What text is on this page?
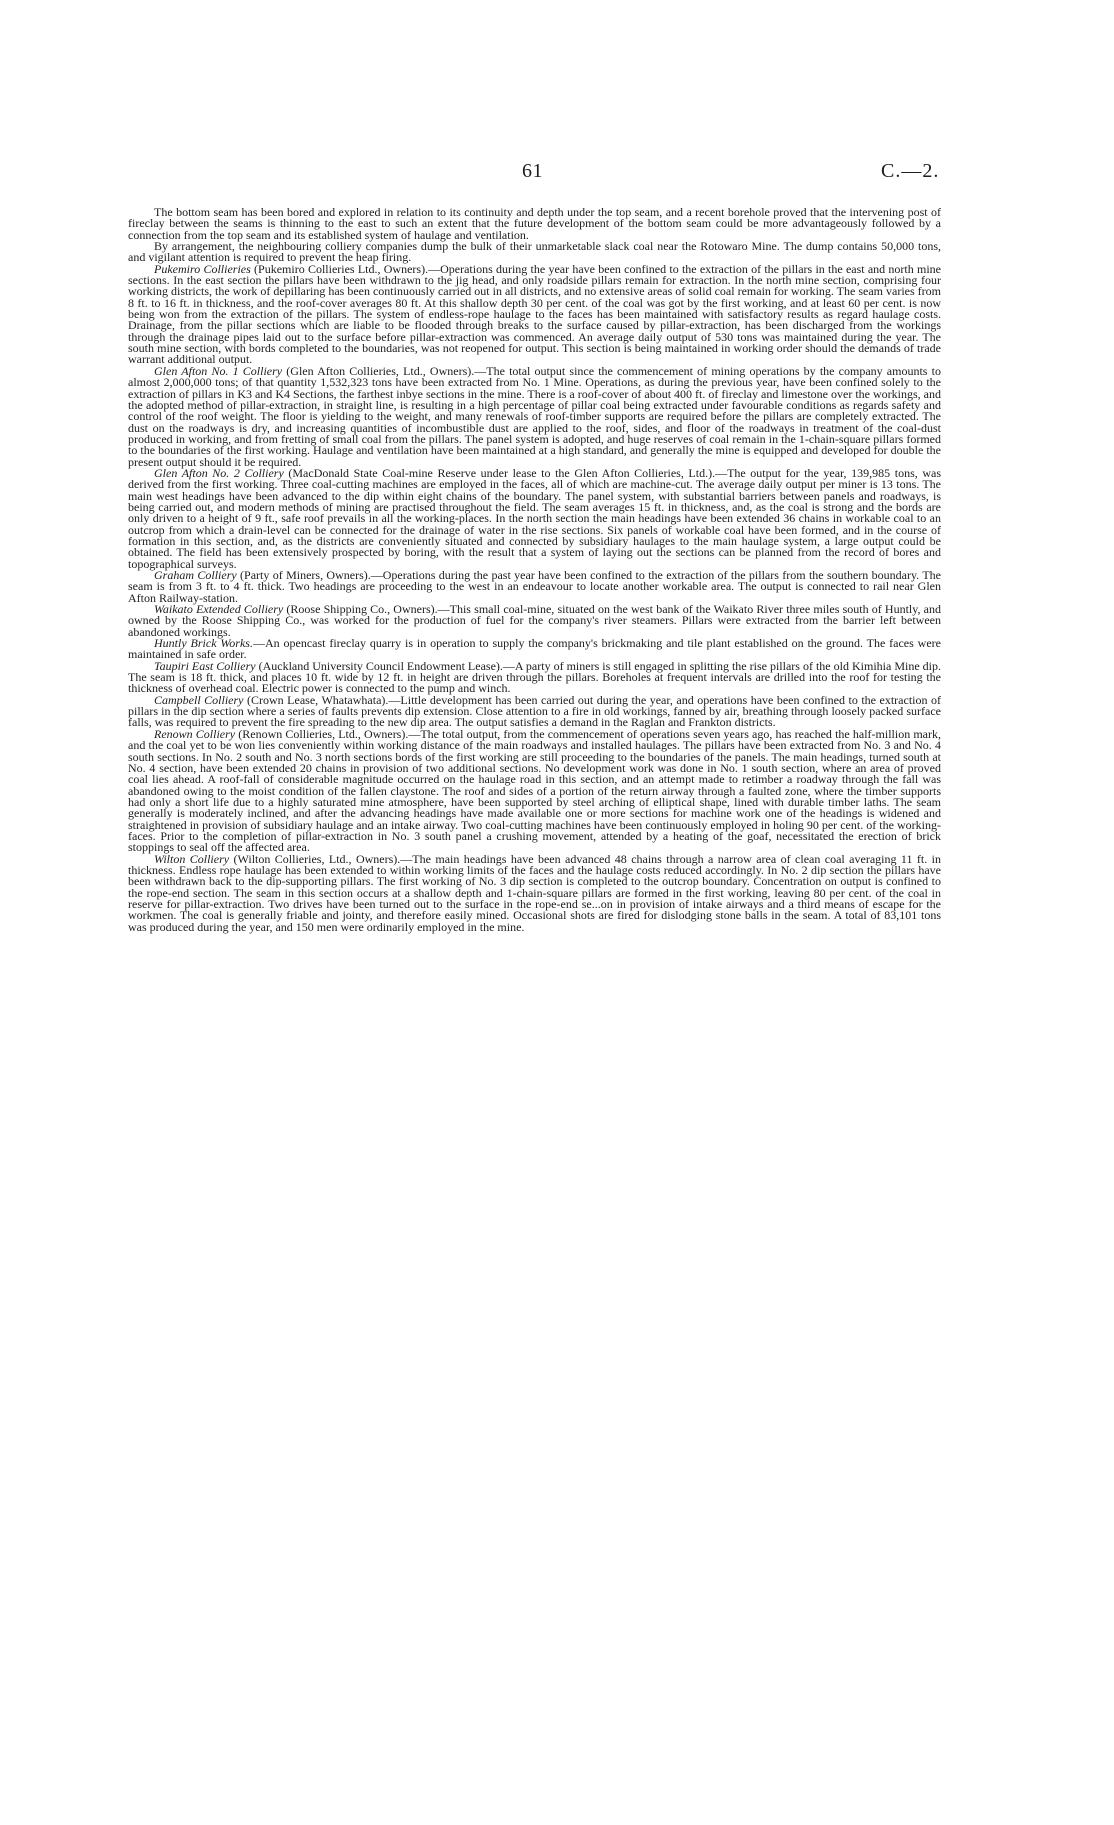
61	C.—2.

The bottom seam has been bored and explored in relation to its continuity and depth under the top seam, and a recent borehole proved that the intervening post of fireclay between the seams is thinning to the east to such an extent that the future development of the bottom seam could be more advantageously followed by a connection from the top seam and its established system of haulage and ventilation.

By arrangement, the neighbouring colliery companies dump the bulk of their unmarketable slack coal near the Rotowaro Mine. The dump contains 50,000 tons, and vigilant attention is required to prevent the heap firing.

Pukemiro Collieries (Pukemiro Collieries Ltd., Owners).—Operations during the year have been confined to the extraction of the pillars in the east and north mine sections. In the east section the pillars have been withdrawn to the jig head, and only roadside pillars remain for extraction. In the north mine section, comprising four working districts, the work of depillaring has been continuously carried out in all districts, and no extensive areas of solid coal remain for working. The seam varies from 8 ft. to 16 ft. in thickness, and the roof-cover averages 80 ft. At this shallow depth 30 per cent. of the coal was got by the first working, and at least 60 per cent. is now being won from the extraction of the pillars. The system of endless-rope haulage to the faces has been maintained with satisfactory results as regard haulage costs. Drainage, from the pillar sections which are liable to be flooded through breaks to the surface caused by pillar-extraction, has been discharged from the workings through the drainage pipes laid out to the surface before pillar-extraction was commenced. An average daily output of 530 tons was maintained during the year. The south mine section, with bords completed to the boundaries, was not reopened for output. This section is being maintained in working order should the demands of trade warrant additional output.

Glen Afton No. 1 Colliery (Glen Afton Collieries, Ltd., Owners).—The total output since the commencement of mining operations by the company amounts to almost 2,000,000 tons; of that quantity 1,532,323 tons have been extracted from No. 1 Mine. Operations, as during the previous year, have been confined solely to the extraction of pillars in K3 and K4 Sections, the farthest inbye sections in the mine. There is a roof-cover of about 400 ft. of fireclay and limestone over the workings, and the adopted method of pillar-extraction, in straight line, is resulting in a high percentage of pillar coal being extracted under favourable conditions as regards safety and control of the roof weight. The floor is yielding to the weight, and many renewals of roof-timber supports are required before the pillars are completely extracted. The dust on the roadways is dry, and increasing quantities of incombustible dust are applied to the roof, sides, and floor of the roadways in treatment of the coal-dust produced in working, and from fretting of small coal from the pillars. The panel system is adopted, and huge reserves of coal remain in the 1-chain-square pillars formed to the boundaries of the first working. Haulage and ventilation have been maintained at a high standard, and generally the mine is equipped and developed for double the present output should it be required.

Glen Afton No. 2 Colliery (MacDonald State Coal-mine Reserve under lease to the Glen Afton Collieries, Ltd.).—The output for the year, 139,985 tons, was derived from the first working. Three coal-cutting machines are employed in the faces, all of which are machine-cut. The average daily output per miner is 13 tons. The main west headings have been advanced to the dip within eight chains of the boundary. The panel system, with substantial barriers between panels and roadways, is being carried out, and modern methods of mining are practised throughout the field. The seam averages 15 ft. in thickness, and, as the coal is strong and the bords are only driven to a height of 9 ft., safe roof prevails in all the working-places. In the north section the main headings have been extended 36 chains in workable coal to an outcrop from which a drain-level can be connected for the drainage of water in the rise sections. Six panels of workable coal have been formed, and in the course of formation in this section, and, as the districts are conveniently situated and connected by subsidiary haulages to the main haulage system, a large output could be obtained. The field has been extensively prospected by boring, with the result that a system of laying out the sections can be planned from the record of bores and topographical surveys.

Graham Colliery (Party of Miners, Owners).—Operations during the past year have been confined to the extraction of the pillars from the southern boundary. The seam is from 3 ft. to 4 ft. thick. Two headings are proceeding to the west in an endeavour to locate another workable area. The output is connected to rail near Glen Afton Railway-station.

Waikato Extended Colliery (Roose Shipping Co., Owners).—This small coal-mine, situated on the west bank of the Waikato River three miles south of Huntly, and owned by the Roose Shipping Co., was worked for the production of fuel for the company's river steamers. Pillars were extracted from the barrier left between abandoned workings.

Huntly Brick Works.—An opencast fireclay quarry is in operation to supply the company's brickmaking and tile plant established on the ground. The faces were maintained in safe order.

Taupiri East Colliery (Auckland University Council Endowment Lease).—A party of miners is still engaged in splitting the rise pillars of the old Kimihia Mine dip. The seam is 18 ft. thick, and places 10 ft. wide by 12 ft. in height are driven through the pillars. Boreholes at frequent intervals are drilled into the roof for testing the thickness of overhead coal. Electric power is connected to the pump and winch.

Campbell Colliery (Crown Lease, Whatawhata).—Little development has been carried out during the year, and operations have been confined to the extraction of pillars in the dip section where a series of faults prevents dip extension. Close attention to a fire in old workings, fanned by air, breathing through loosely packed surface falls, was required to prevent the fire spreading to the new dip area. The output satisfies a demand in the Raglan and Frankton districts.

Renown Colliery (Renown Collieries, Ltd., Owners).—The total output, from the commencement of operations seven years ago, has reached the half-million mark, and the coal yet to be won lies conveniently within working distance of the main roadways and installed haulages. The pillars have been extracted from No. 3 and No. 4 south sections. In No. 2 south and No. 3 north sections bords of the first working are still proceeding to the boundaries of the panels. The main headings, turned south at No. 4 section, have been extended 20 chains in provision of two additional sections. No development work was done in No. 1 south section, where an area of proved coal lies ahead. A roof-fall of considerable magnitude occurred on the haulage road in this section, and an attempt made to retimber a roadway through the fall was abandoned owing to the moist condition of the fallen claystone. The roof and sides of a portion of the return airway through a faulted zone, where the timber supports had only a short life due to a highly saturated mine atmosphere, have been supported by steel arching of elliptical shape, lined with durable timber laths. The seam generally is moderately inclined, and after the advancing headings have made available one or more sections for machine work one of the headings is widened and straightened in provision of subsidiary haulage and an intake airway. Two coal-cutting machines have been continuously employed in holing 90 per cent. of the working-faces. Prior to the completion of pillar-extraction in No. 3 south panel a crushing movement, attended by a heating of the goaf, necessitated the erection of brick stoppings to seal off the affected area.

Wilton Colliery (Wilton Collieries, Ltd., Owners).—The main headings have been advanced 48 chains through a narrow area of clean coal averaging 11 ft. in thickness. Endless rope haulage has been extended to within working limits of the faces and the haulage costs reduced accordingly. In No. 2 dip section the pillars have been withdrawn back to the dip-supporting pillars. The first working of No. 3 dip section is completed to the outcrop boundary. Concentration on output is confined to the rope-end section. The seam in this section occurs at a shallow depth and 1-chain-square pillars are formed in the first working, leaving 80 per cent. of the coal in reserve for pillar-extraction. Two drives have been turned out to the surface in the rope-end se...on in provision of intake airways and a third means of escape for the workmen. The coal is generally friable and jointy, and therefore easily mined. Occasional shots are fired for dislodging stone balls in the seam. A total of 83,101 tons was produced during the year, and 150 men were ordinarily employed in the mine.
